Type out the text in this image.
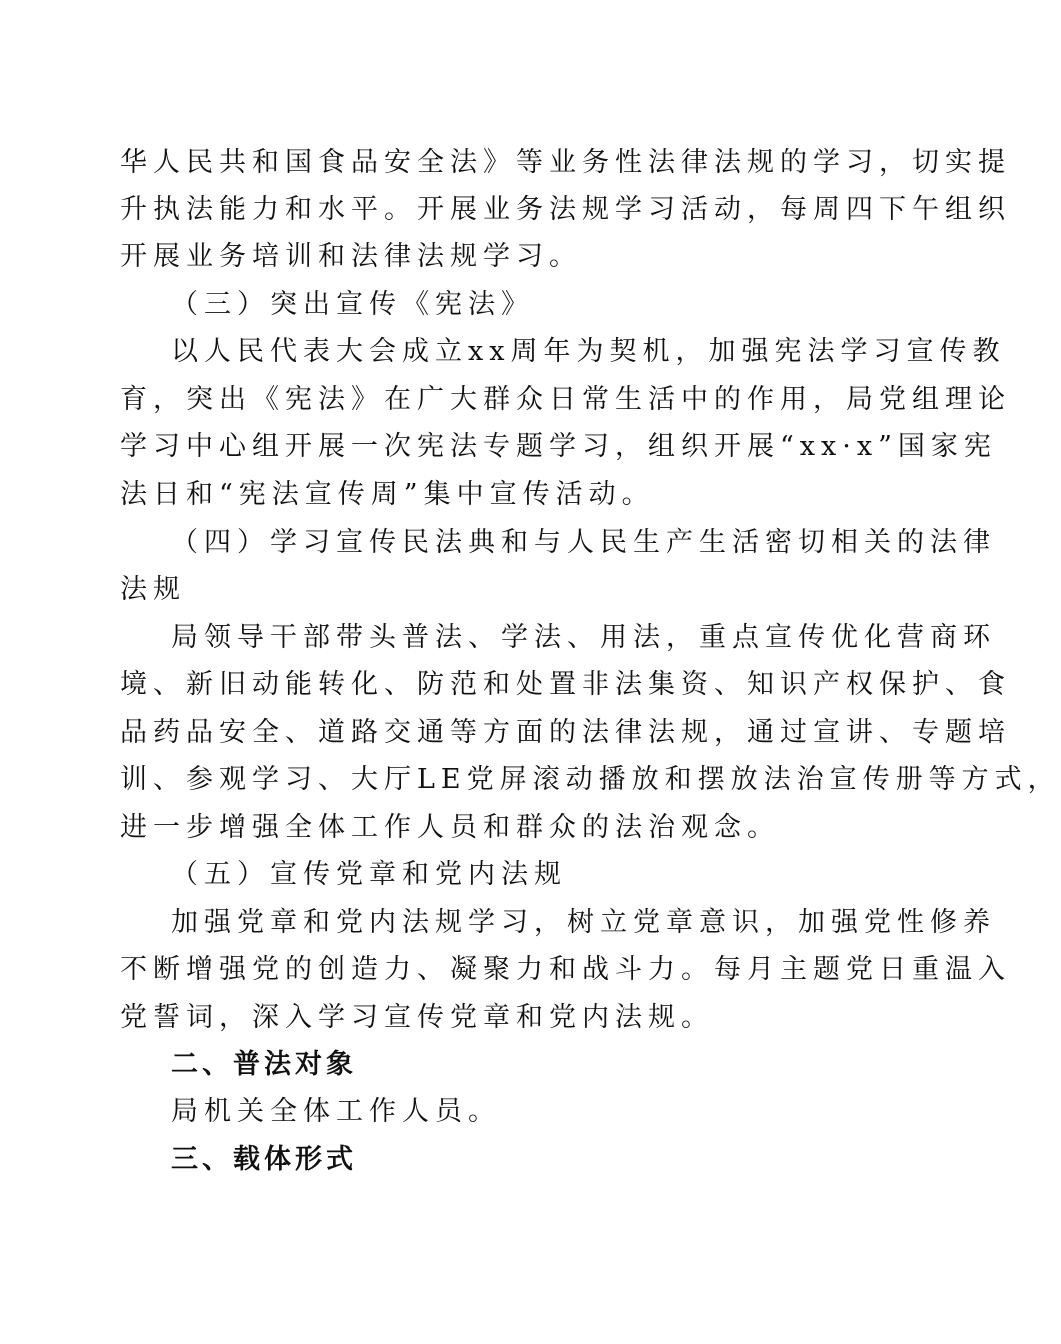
华人民共和国食品安全法》等业务性法律法规的学习，切实提
升执法能力和水平。开展业务法规学习活动，每周四下午组织
开展业务培训和法律法规学习。
（三）突出宣传《宪法》
以人民代表大会成立xx周年为契机，加强宪法学习宣传教
育，突出《宪法》在广大群众日常生活中的作用，局党组理论
学习中心组开展一次宪法专题学习，组织开展“xx·x”国家宪
法日和“宪法宣传周”集中宣传活动。
（四）学习宣传民法典和与人民生产生活密切相关的法律
法规
局领导干部带头普法、学法、用法，重点宣传优化营商环
境、新旧动能转化、防范和处置非法集资、知识产权保护、食
品药品安全、道路交通等方面的法律法规，通过宣讲、专题培
训、参观学习、大厅LE党屏滚动播放和摆放法治宣传册等方式，
进一步增强全体工作人员和群众的法治观念。
（五）宣传党章和党内法规
加强党章和党内法规学习，树立党章意识，加强党性修养
不断增强党的创造力、凝聚力和战斗力。每月主题党日重温入
党誓词，深入学习宣传党章和党内法规。
二、普法对象
局机关全体工作人员。
三、载体形式
